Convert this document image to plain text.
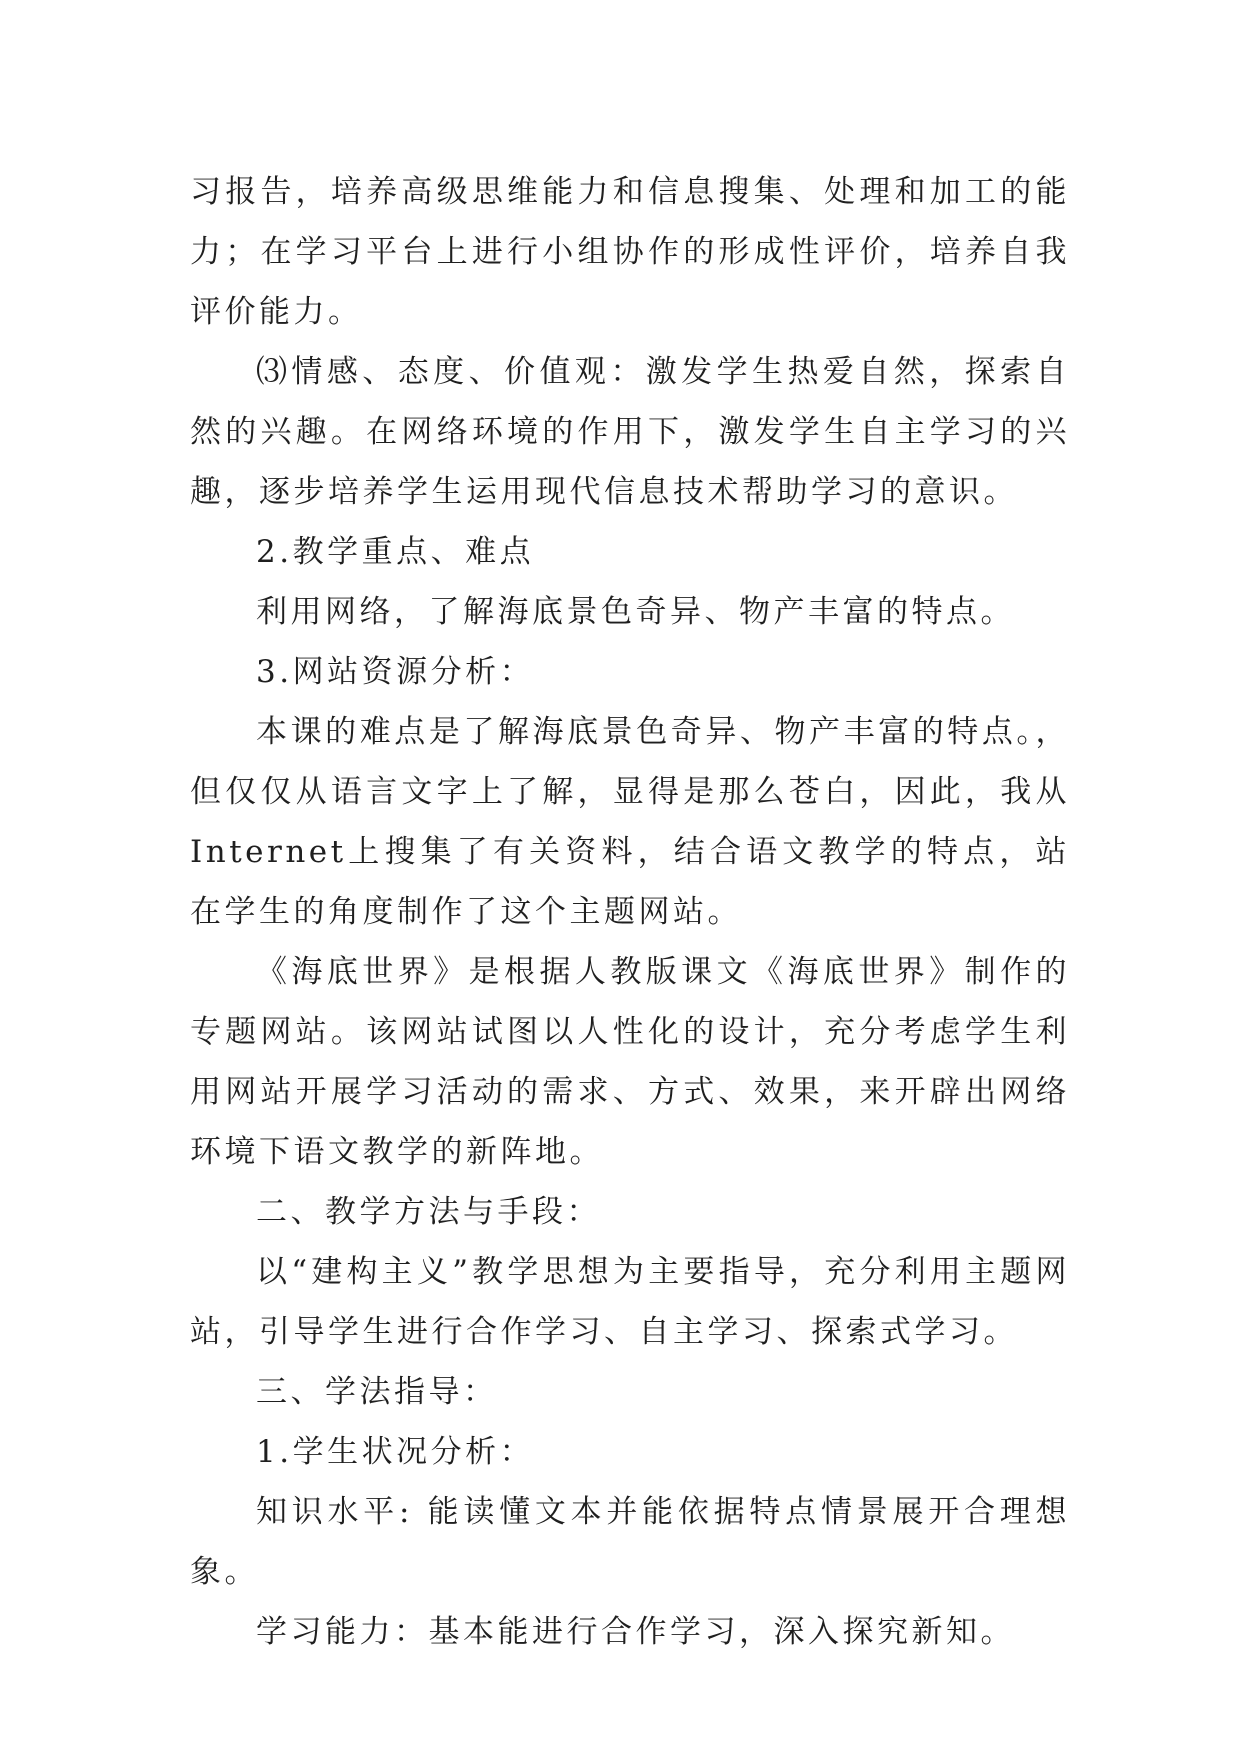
习报告，培养高级思维能力和信息搜集、处理和加工的能力；在学习平台上进行小组协作的形成性评价，培养自我评价能力。

⑶情感、态度、价值观：激发学生热爱自然，探索自然的兴趣。在网络环境的作用下，激发学生自主学习的兴趣，逐步培养学生运用现代信息技术帮助学习的意识。

2.教学重点、难点

利用网络，了解海底景色奇异、物产丰富的特点。

3.网站资源分析：

本课的难点是了解海底景色奇异、物产丰富的特点。，但仅仅从语言文字上了解，显得是那么苍白，因此，我从Internet上搜集了有关资料，结合语文教学的特点，站在学生的角度制作了这个主题网站。

《海底世界》是根据人教版课文《海底世界》制作的专题网站。该网站试图以人性化的设计，充分考虑学生利用网站开展学习活动的需求、方式、效果，来开辟出网络环境下语文教学的新阵地。

二、教学方法与手段：

以“建构主义”教学思想为主要指导，充分利用主题网站，引导学生进行合作学习、自主学习、探索式学习。

三、学法指导：

1.学生状况分析：

知识水平: 能读懂文本并能依据特点情景展开合理想象。

学习能力：基本能进行合作学习，深入探究新知。
